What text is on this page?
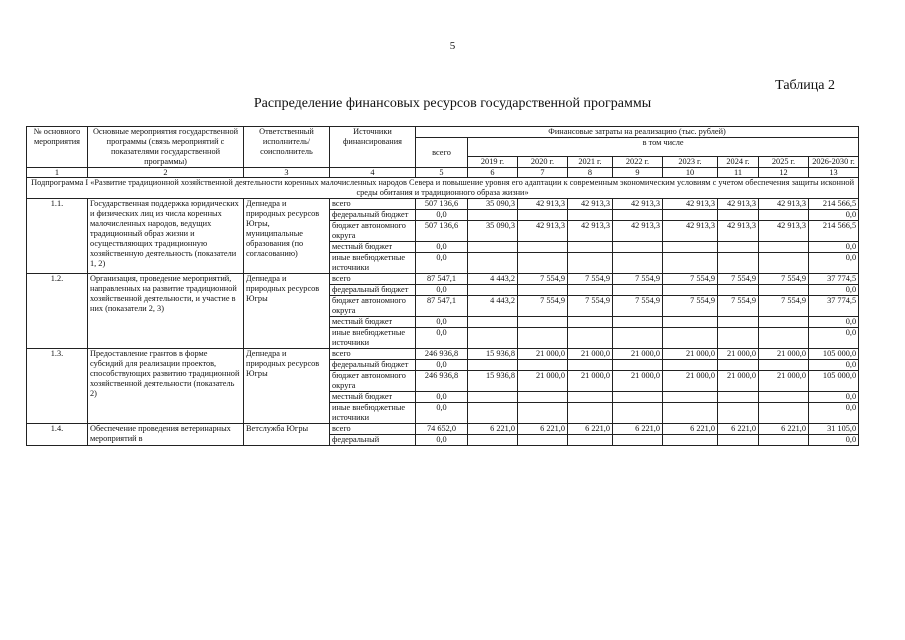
5
Таблица 2
Распределение финансовых ресурсов государственной программы
№ основного мероприятия	Основные мероприятия государственной программы (связь мероприятий с показателями государственной программы)	Ответственный исполнитель/ соисполнитель	Источники финансирования	Финансовые затраты на реализацию (тыс. рублей)								
				всего	в том числе							
					2019 г.	2020 г.	2021 г.	2022 г.	2023 г.	2024 г.	2025 г.	2026-2030 г.
1	2	3	4	5	6	7	8	9	10	11	12	13
Подпрограмма I «Развитие традиционной хозяйственной деятельности коренных малочисленных народов Севера и повышение уровня его адаптации к современным экономическим условиям с учетом обеспечения защиты исконной среды обитания и традиционного образа жизни»												
1.1.	Государственная поддержка юридических и физических лиц из числа коренных малочисленных народов, ведущих традиционный образ жизни и осуществляющих традиционную хозяйственную деятельность (показатели 1, 2)	Депнедра и природных ресурсов Югры, муниципальные образования (по согласованию)	всего	507 136,6	35 090,3	42 913,3	42 913,3	42 913,3	42 913,3	42 913,3	42 913,3	214 566,5
			федеральный бюджет	0,0								0,0
			бюджет автономного округа	507 136,6	35 090,3	42 913,3	42 913,3	42 913,3	42 913,3	42 913,3	42 913,3	214 566,5
			местный бюджет	0,0								0,0
			иные внебюджетные источники	0,0								0,0
1.2.	Организация, проведение мероприятий, направленных на развитие традиционной хозяйственной деятельности, и участие в них (показатели 2, 3)	Депнедра и природных ресурсов Югры	всего	87 547,1	4 443,2	7 554,9	7 554,9	7 554,9	7 554,9	7 554,9	7 554,9	37 774,5
			федеральный бюджет	0,0								0,0
			бюджет автономного округа	87 547,1	4 443,2	7 554,9	7 554,9	7 554,9	7 554,9	7 554,9	7 554,9	37 774,5
			местный бюджет	0,0								0,0
			иные внебюджетные источники	0,0								0,0
1.3.	Предоставление грантов в форме субсидий для реализации проектов, способствующих развитию традиционной хозяйственной деятельности (показатель 2)	Депнедра и природных ресурсов Югры	всего	246 936,8	15 936,8	21 000,0	21 000,0	21 000,0	21 000,0	21 000,0	21 000,0	105 000,0
			федеральный бюджет	0,0								0,0
			бюджет автономного округа	246 936,8	15 936,8	21 000,0	21 000,0	21 000,0	21 000,0	21 000,0	21 000,0	105 000,0
			местный бюджет	0,0								0,0
			иные внебюджетные источники	0,0								0,0
1.4.	Обеспечение проведения ветеринарных мероприятий в	Ветслужба Югры	всего	74 652,0	6 221,0	6 221,0	6 221,0	6 221,0	6 221,0	6 221,0	6 221,0	31 105,0
			федеральный	0,0								0,0
